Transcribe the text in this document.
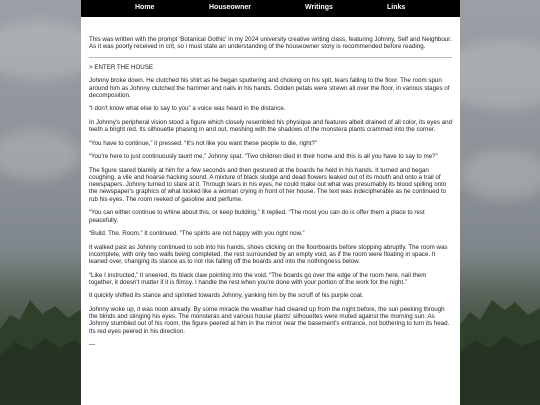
Home	Houseowner	Writings	Links

This was written with the prompt 'Botanical Gothic' in my 2024 university creative writing class, featuring Johnny, Self and Neighbour. As it was poorly received in crit, so i must state an understanding of the houseowner story is recommended before reading.

> ENTER THE HOUSE

Johnny broke down. He clutched his shirt as he began sputtering and choking on his spit, tears falling to the floor. The room spun around him as Johnny clutched the hammer and nails in his hands. Golden petals were strewn all over the floor, in various stages of decomposition.

“I don't know what else to say to you” a voice was heard in the distance.

In Johnny's peripheral vision stood a figure which closely resembled his physique and features albeit drained of all color, its eyes and teeth a bright red. Its silhouette phasing in and out, meshing with the shadows of the monstera plants crammed into the corner.

“You have to continue,” it pressed. “It's not like you want these people to die, right?”

“You're here to just continuously taunt me,” Johnny spat. “Two children died in their home and this is all you have to say to me?”

The figure stared blankly at him for a few seconds and then gestured at the boards he held in his hands. It turned and began coughing, a vile and hoarse hacking sound. A mixture of black sludge and dead flowers leaked out of its mouth and onto a trail of newspapers. Johnny turned to stare at it. Through tears in his eyes, he could make out what was presumably its blood spilling onto the newspaper's graphics of what looked like a woman crying in front of her house. The text was indecipherable as he continued to rub his eyes. The room reeked of gasoline and perfume.

“You can either continue to whine about this, or keep building,” It replied. “The most you can do is offer them a place to rest peacefully.

“Build. The. Room.” It continued. “The spirits are not happy with you right now.”

It walked past as Johnny continued to sob into his hands, shoes clicking on the floorboards before stopping abruptly. The room was incomplete, with only two walls being completed, the rest surrounded by an empty void, as if the room were floating in space. It leaned over, changing its stance as to not risk falling off the boards and into the nothingness below.

“Like I instructed,” It sneered, its black claw pointing into the void. “The boards go over the edge of the room here, nail them together, it doesn't matter if it is flimsy. I handle the rest when you're done with your portion of the work for the night.”

It quickly shifted its stance and sprinted towards Johnny, yanking him by the scruff of his purple coat.

Johnny woke up, it was noon already. By some miracle the weather had cleared up from the night before, the sun peeking through the blinds and stinging his eyes. The monsteras and various house plants' silhouettes were muted against the morning sun. As Johnny stumbled out of his room, the figure peered at him in the mirror near the basement's entrance, not bothering to turn its head. Its red eyes peered in his direction.

—
